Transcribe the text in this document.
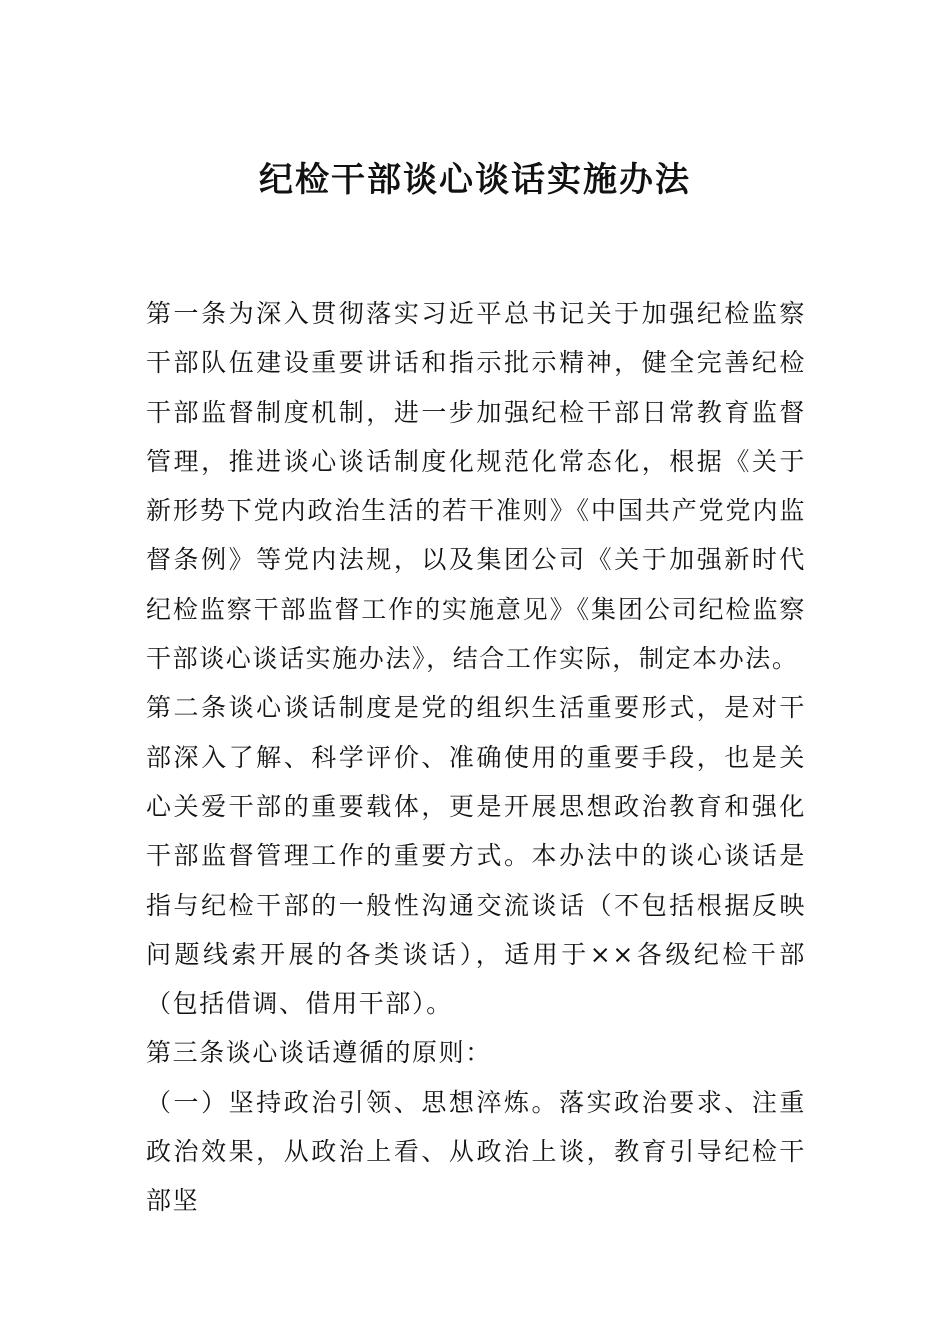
纪检干部谈心谈话实施办法

第一条为深入贯彻落实习近平总书记关于加强纪检监察干部队伍建设重要讲话和指示批示精神，健全完善纪检干部监督制度机制，进一步加强纪检干部日常教育监督管理，推进谈心谈话制度化规范化常态化，根据《关于新形势下党内政治生活的若干准则》《中国共产党党内监督条例》等党内法规，以及集团公司《关于加强新时代纪检监察干部监督工作的实施意见》《集团公司纪检监察干部谈心谈话实施办法》，结合工作实际，制定本办法。

第二条谈心谈话制度是党的组织生活重要形式，是对干部深入了解、科学评价、准确使用的重要手段，也是关心关爱干部的重要载体，更是开展思想政治教育和强化干部监督管理工作的重要方式。本办法中的谈心谈话是指与纪检干部的一般性沟通交流谈话（不包括根据反映问题线索开展的各类谈话），适用于××各级纪检干部（包括借调、借用干部）。

第三条谈心谈话遵循的原则：

（一）坚持政治引领、思想淬炼。落实政治要求、注重政治效果，从政治上看、从政治上谈，教育引导纪检干部坚
